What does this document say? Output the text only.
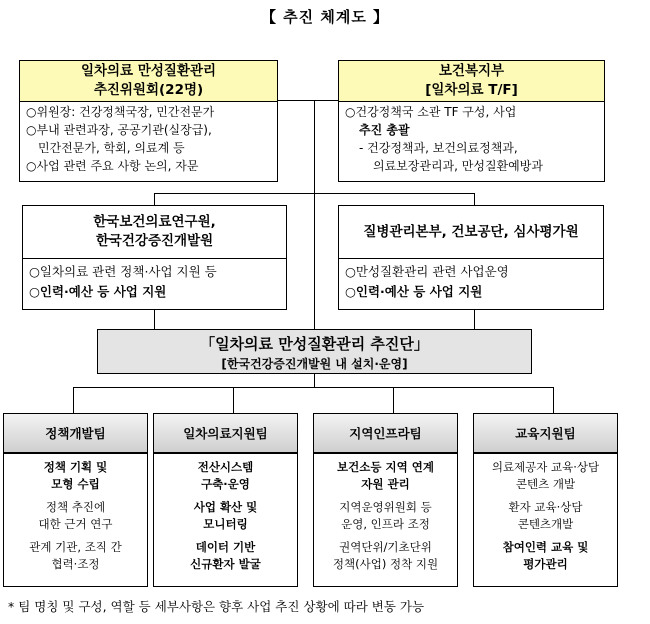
【 추진 체계도 】
일차의료 만성질환관리
추진위원회(22명)
○위원장: 건강정책국장, 민간전문가
○부내 관련과장, 공공기관(실장급),
민간전문가, 학회, 의료계 등
○사업 관련 주요 사항 논의, 자문
보건복지부
[일차의료 T/F]
○건강정책국 소관 TF 구성, 사업
추진 총괄
- 건강정책과, 보건의료정책과,
의료보장관리과, 만성질환예방과
한국보건의료연구원,
한국건강증진개발원
○일차의료 관련 정책·사업 지원 등
○인력·예산 등 사업 지원
질병관리본부, 건보공단, 심사평가원
○만성질환관리 관련 사업운영
○인력·예산 등 사업 지원
「일차의료 만성질환관리 추진단」
[한국건강증진개발원 내 설치·운영]
정책개발팀
정책 기획 및
모형 수립
정책 추진에
대한 근거 연구
관계 기관, 조직 간
협력·조정
일차의료지원팀
전산시스템
구축·운영
사업 확산 및
모니터링
데이터 기반
신규환자 발굴
지역인프라팀
보건소등 지역 연계
자원 관리
지역운영위원회 등
운영, 인프라 조정
권역단위/기초단위
정책(사업) 정착 지원
교육지원팀
의료제공자 교육·상담
콘텐츠 개발
환자 교육·상담
콘텐츠개발
참여인력 교육 및
평가관리
* 팀 명칭 및 구성, 역할 등 세부사항은 향후 사업 추진 상황에 따라 변동 가능
